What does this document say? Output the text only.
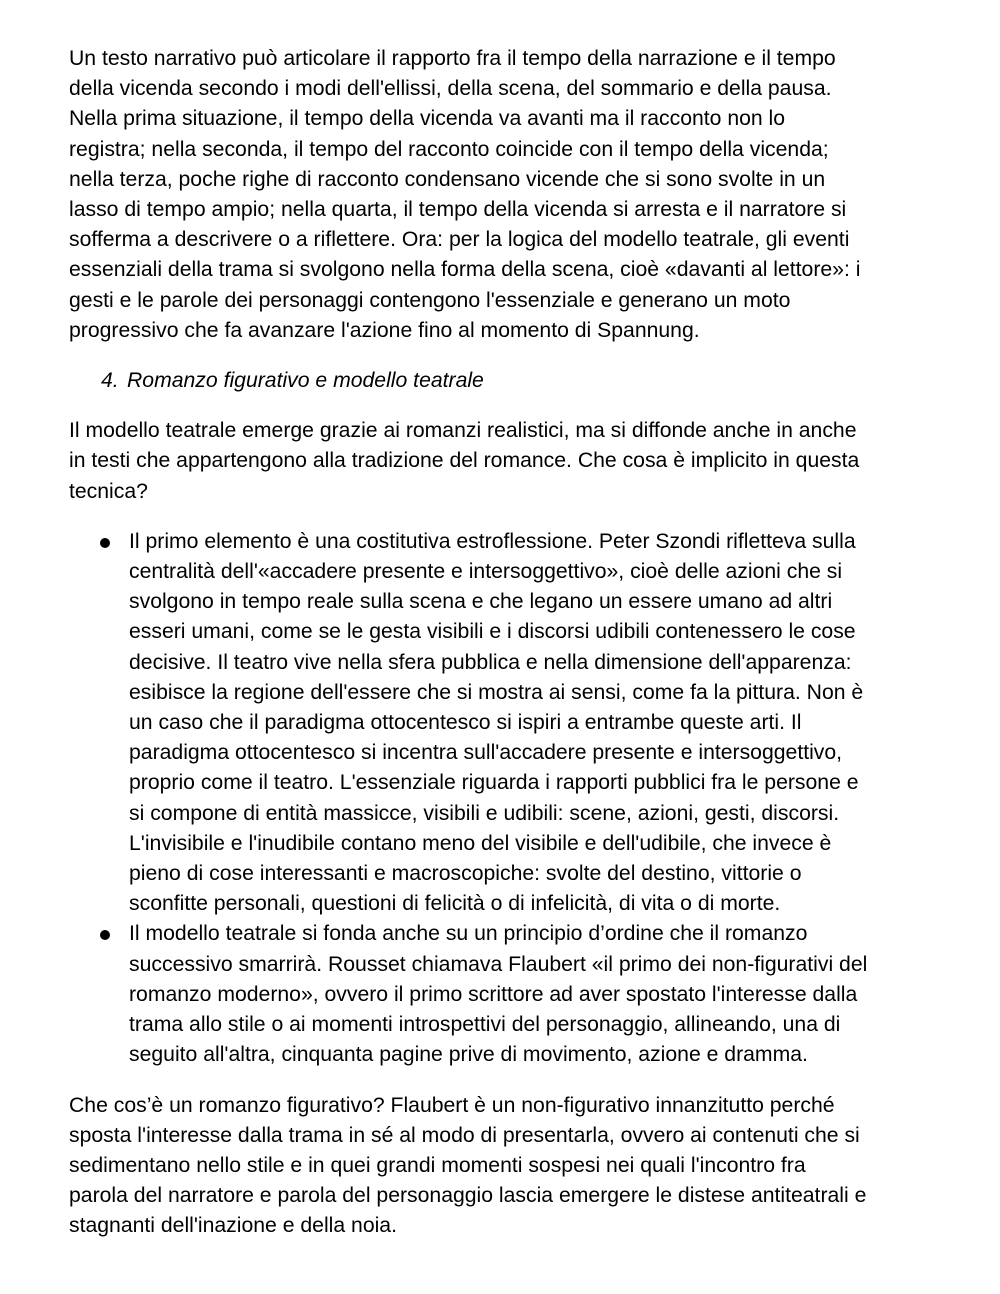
Un testo narrativo può articolare il rapporto fra il tempo della narrazione e il tempo
della vicenda secondo i modi dell'ellissi, della scena, del sommario e della pausa.
Nella prima situazione, il tempo della vicenda va avanti ma il racconto non lo
registra; nella seconda, il tempo del racconto coincide con il tempo della vicenda;
nella terza, poche righe di racconto condensano vicende che si sono svolte in un
lasso di tempo ampio; nella quarta, il tempo della vicenda si arresta e il narratore si
sofferma a descrivere o a riflettere. Ora: per la logica del modello teatrale, gli eventi
essenziali della trama si svolgono nella forma della scena, cioè «davanti al lettore»: i
gesti e le parole dei personaggi contengono l'essenziale e generano un moto
progressivo che fa avanzare l'azione fino al momento di Spannung.

4. Romanzo figurativo e modello teatrale

Il modello teatrale emerge grazie ai romanzi realistici, ma si diffonde anche in anche
in testi che appartengono alla tradizione del romance. Che cosa è implicito in questa
tecnica?

Il primo elemento è una costitutiva estroflessione. Peter Szondi rifletteva sulla
centralità dell'«accadere presente e intersoggettivo», cioè delle azioni che si
svolgono in tempo reale sulla scena e che legano un essere umano ad altri
esseri umani, come se le gesta visibili e i discorsi udibili contenessero le cose
decisive. Il teatro vive nella sfera pubblica e nella dimensione dell'apparenza:
esibisce la regione dell'essere che si mostra ai sensi, come fa la pittura. Non è
un caso che il paradigma ottocentesco si ispiri a entrambe queste arti. Il
paradigma ottocentesco si incentra sull'accadere presente e intersoggettivo,
proprio come il teatro. L'essenziale riguarda i rapporti pubblici fra le persone e
si compone di entità massicce, visibili e udibili: scene, azioni, gesti, discorsi.
L'invisibile e l'inudibile contano meno del visibile e dell'udibile, che invece è
pieno di cose interessanti e macroscopiche: svolte del destino, vittorie o
sconfitte personali, questioni di felicità o di infelicità, di vita o di morte.
Il modello teatrale si fonda anche su un principio d’ordine che il romanzo
successivo smarrirà. Rousset chiamava Flaubert «il primo dei non-figurativi del
romanzo moderno», ovvero il primo scrittore ad aver spostato l'interesse dalla
trama allo stile o ai momenti introspettivi del personaggio, allineando, una di
seguito all'altra, cinquanta pagine prive di movimento, azione e dramma.

Che cos’è un romanzo figurativo? Flaubert è un non-figurativo innanzitutto perché
sposta l'interesse dalla trama in sé al modo di presentarla, ovvero ai contenuti che si
sedimentano nello stile e in quei grandi momenti sospesi nei quali l'incontro fra
parola del narratore e parola del personaggio lascia emergere le distese antiteatrali e
stagnanti dell'inazione e della noia.
